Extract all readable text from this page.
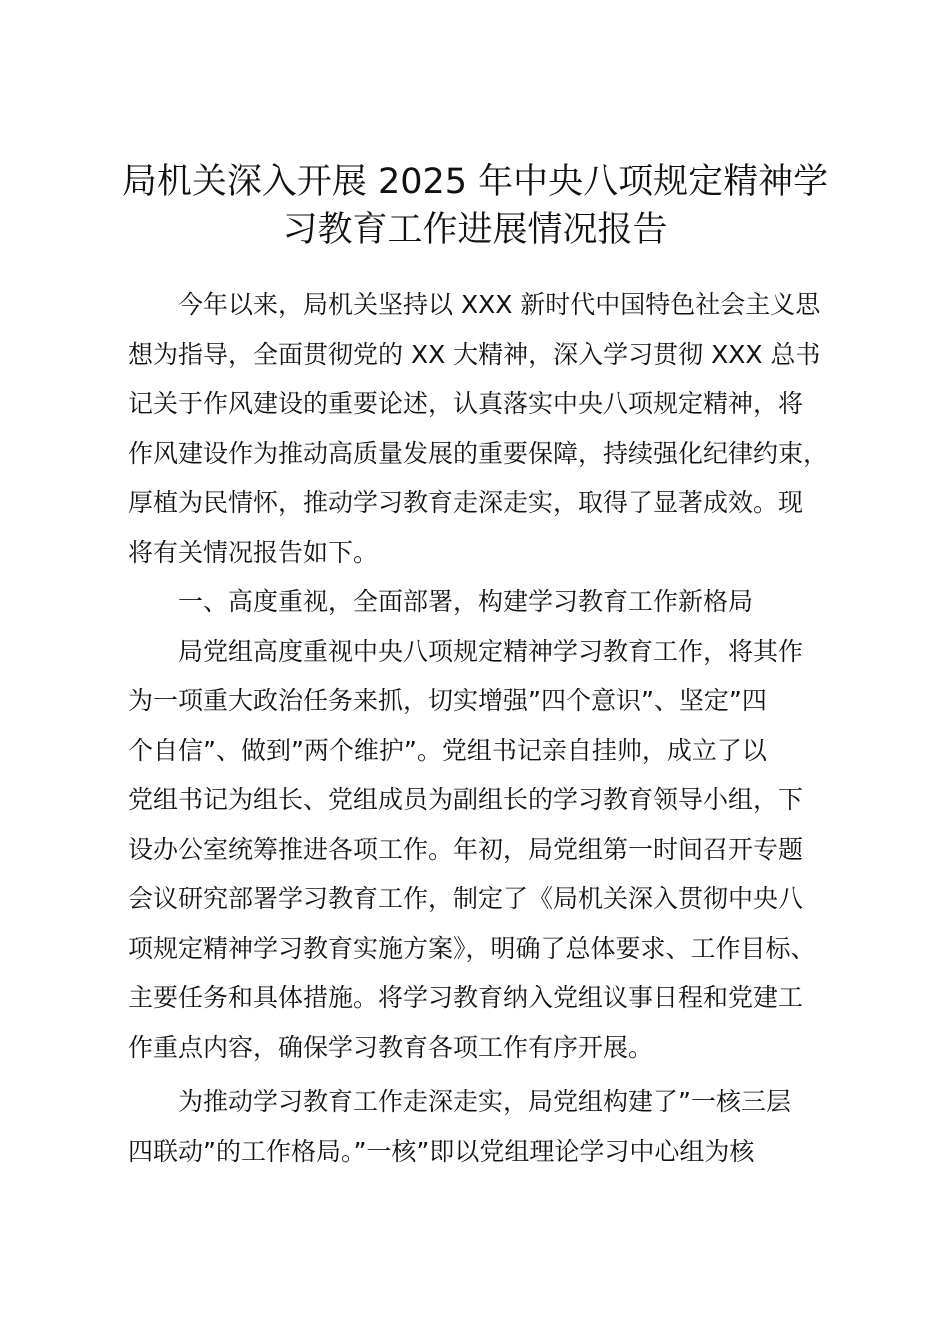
局机关深入开展 2025 年中央八项规定精神学
习教育工作进展情况报告

今年以来，局机关坚持以 XXX 新时代中国特色社会主义思

想为指导，全面贯彻党的 XX 大精神，深入学习贯彻 XXX 总书

记关于作风建设的重要论述，认真落实中央八项规定精神，将

作风建设作为推动高质量发展的重要保障，持续强化纪律约束，

厚植为民情怀，推动学习教育走深走实，取得了显著成效。现

将有关情况报告如下。

一、高度重视，全面部署，构建学习教育工作新格局

局党组高度重视中央八项规定精神学习教育工作，将其作

为一项重大政治任务来抓，切实增强”四个意识”、坚定”四

个自信”、做到”两个维护”。党组书记亲自挂帅，成立了以

党组书记为组长、党组成员为副组长的学习教育领导小组，下

设办公室统筹推进各项工作。年初，局党组第一时间召开专题

会议研究部署学习教育工作，制定了《局机关深入贯彻中央八

项规定精神学习教育实施方案》，明确了总体要求、工作目标、

主要任务和具体措施。将学习教育纳入党组议事日程和党建工

作重点内容，确保学习教育各项工作有序开展。

为推动学习教育工作走深走实，局党组构建了”一核三层

四联动”的工作格局。”一核”即以党组理论学习中心组为核
